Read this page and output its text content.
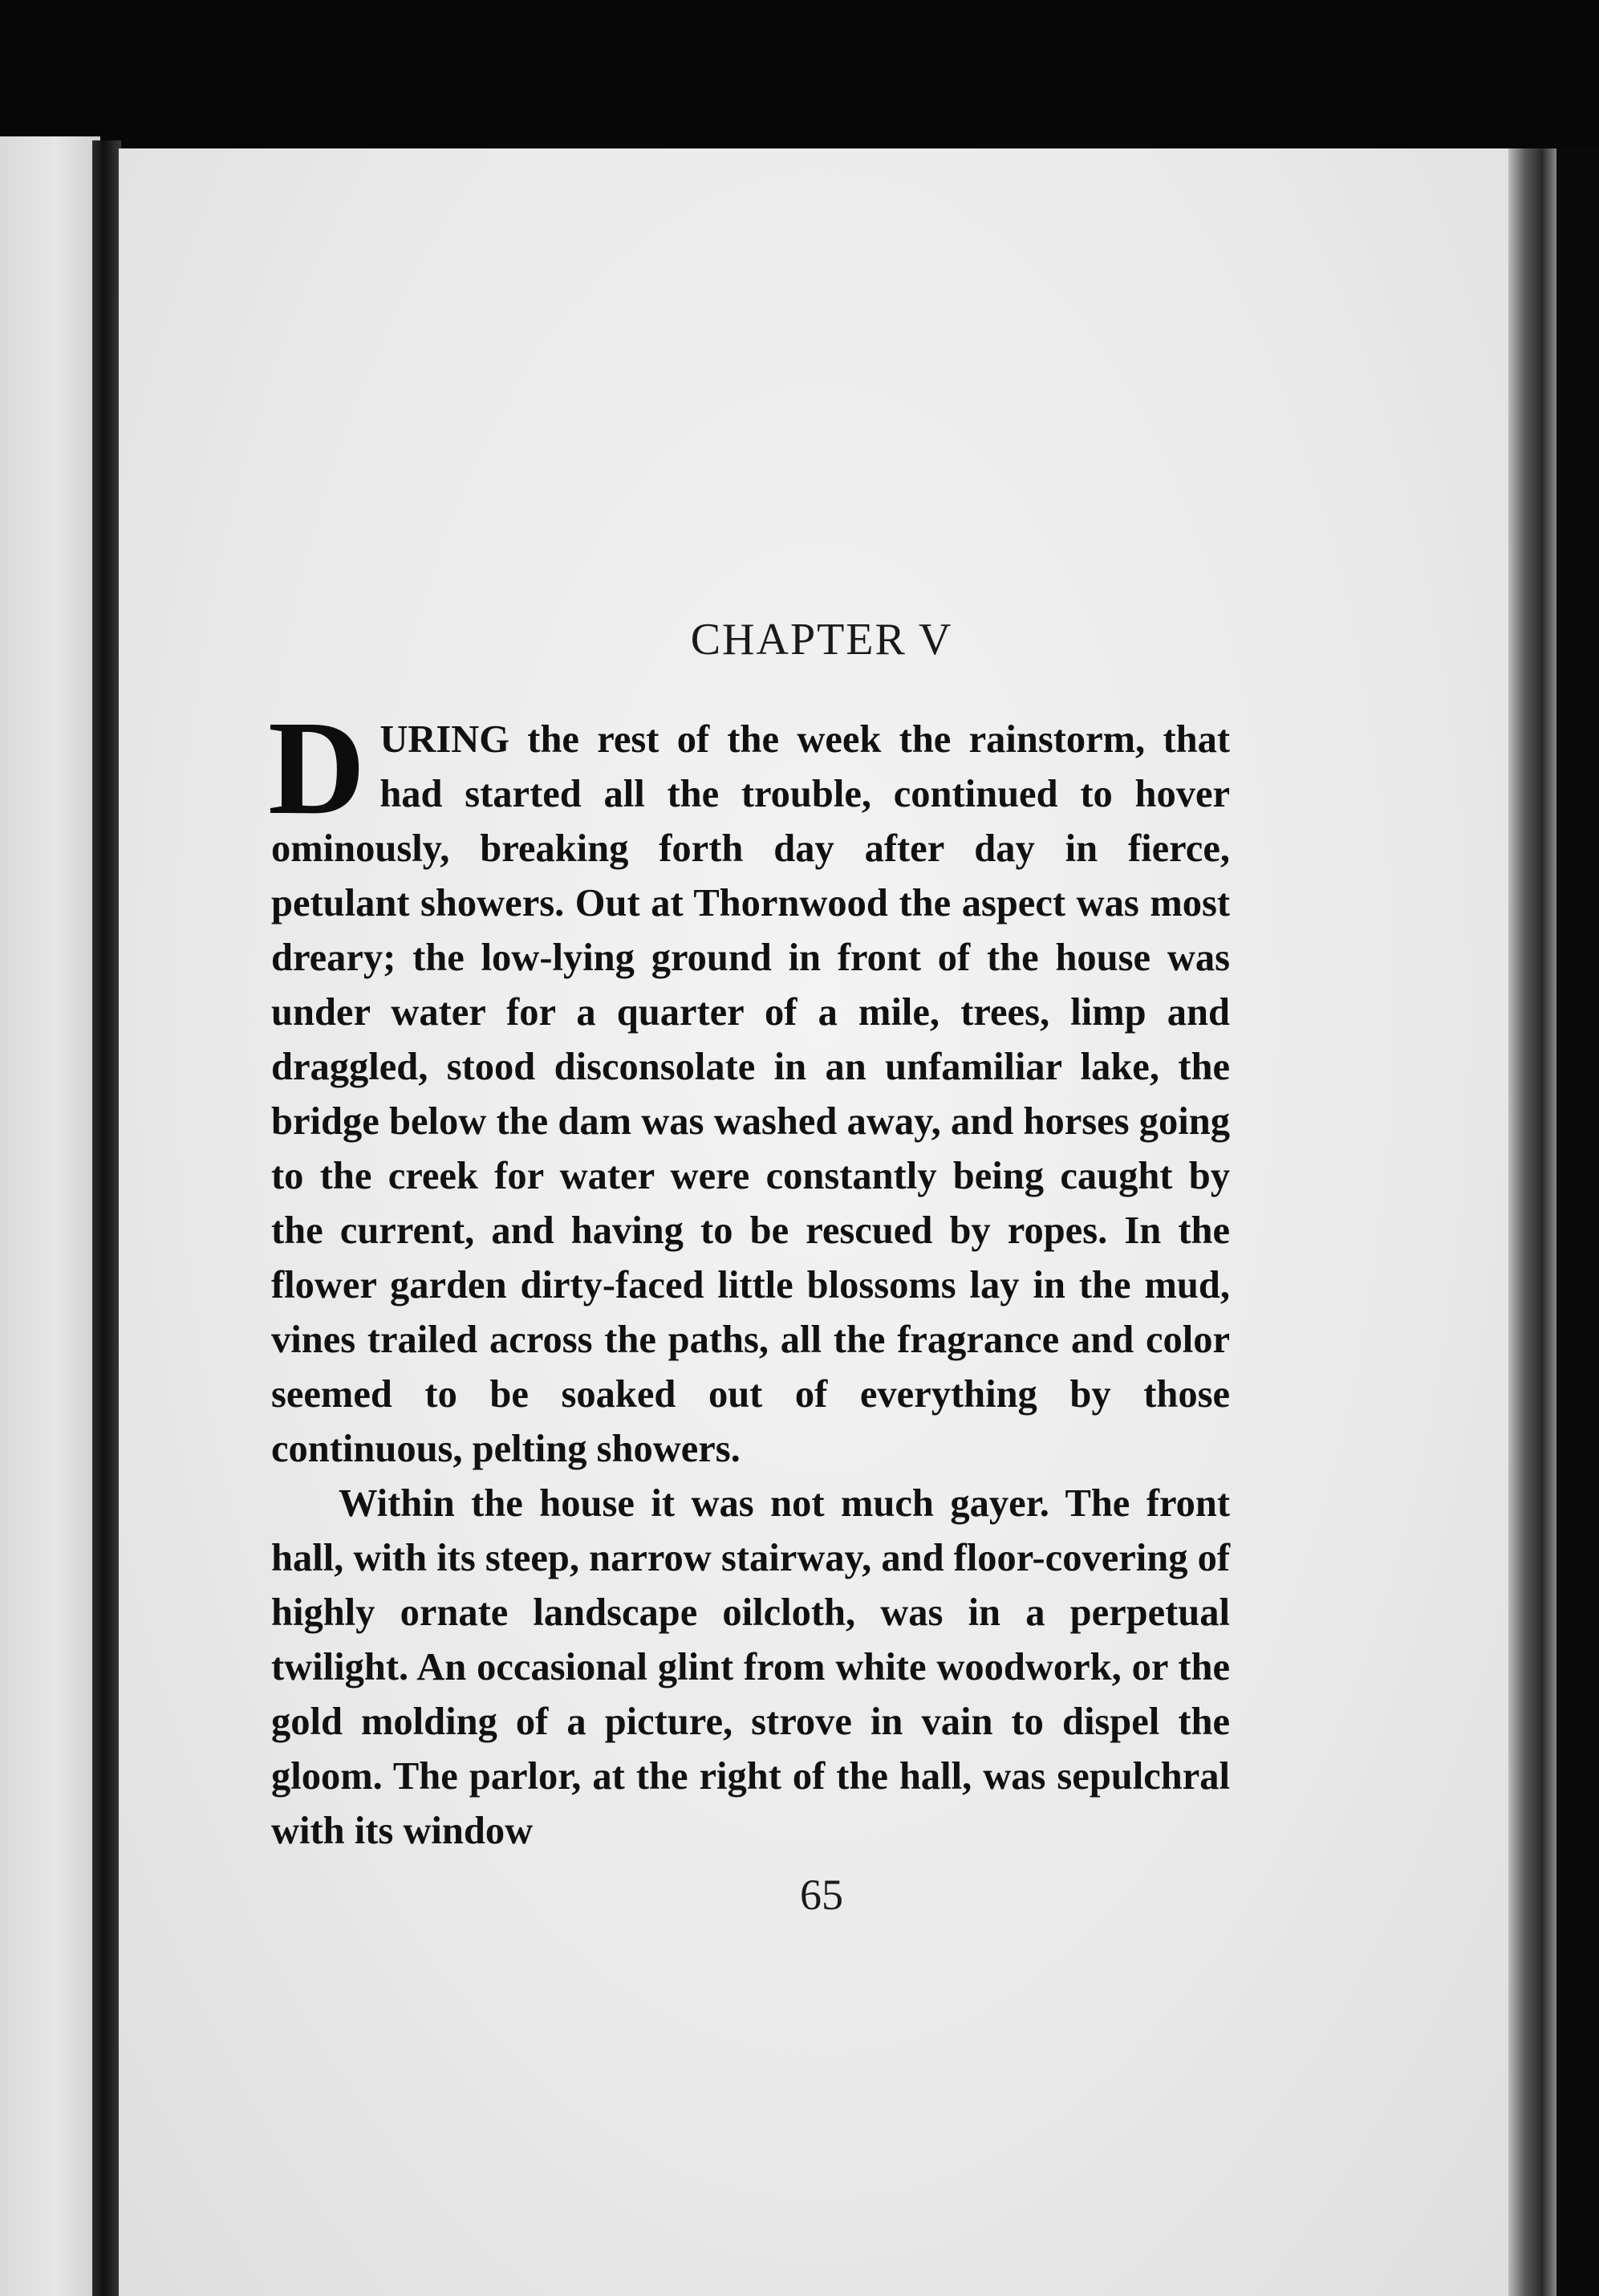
CHAPTER V

DURING the rest of the week the rainstorm, that had started all the trouble, continued to hover ominously, breaking forth day after day in fierce, petulant showers. Out at Thornwood the aspect was most dreary; the low-lying ground in front of the house was under water for a quarter of a mile, trees, limp and draggled, stood disconsolate in an unfamiliar lake, the bridge below the dam was washed away, and horses going to the creek for water were constantly being caught by the current, and having to be rescued by ropes. In the flower garden dirty-faced little blossoms lay in the mud, vines trailed across the paths, all the fragrance and color seemed to be soaked out of everything by those continuous, pelting showers.

Within the house it was not much gayer. The front hall, with its steep, narrow stairway, and floor-covering of highly ornate landscape oilcloth, was in a perpetual twilight. An occasional glint from white woodwork, or the gold molding of a picture, strove in vain to dispel the gloom. The parlor, at the right of the hall, was sepulchral with its window

65
